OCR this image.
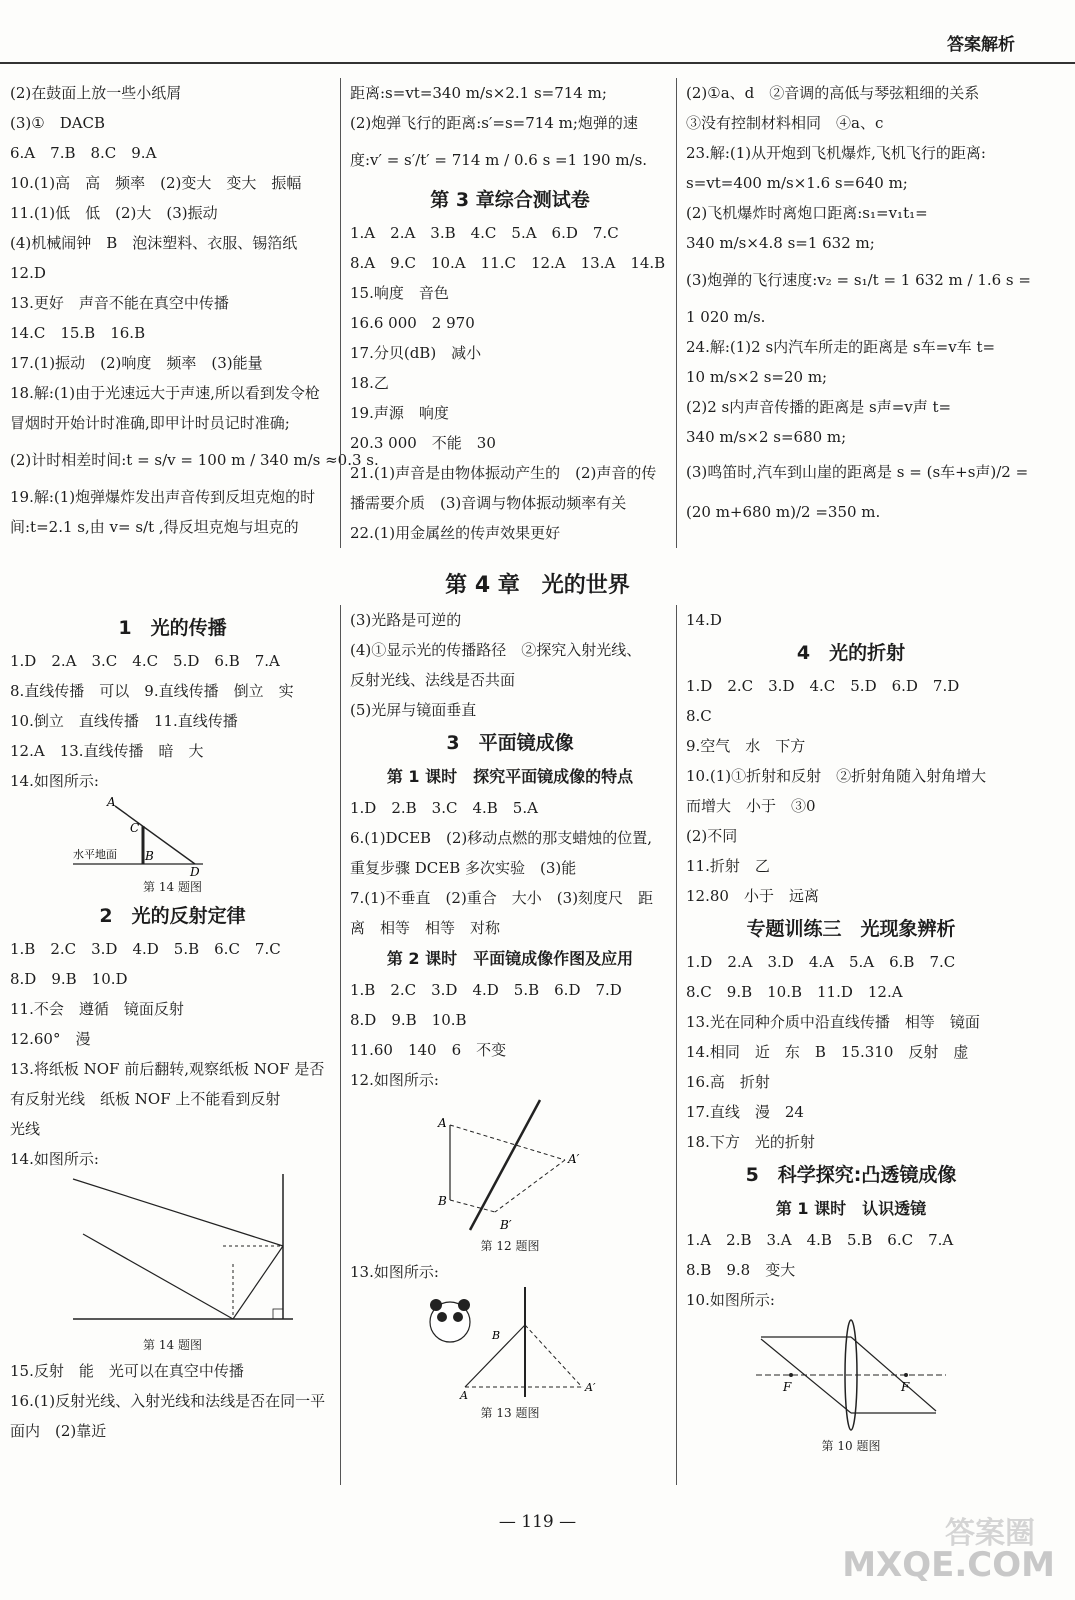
答案解析
(2)在鼓面上放一些小纸屑
(3)①　DACB
6.A　7.B　8.C　9.A
10.(1)高　高　频率　(2)变大　变大　振幅
11.(1)低　低　(2)大　(3)振动
(4)机械闹钟　B　泡沫塑料、衣服、锡箔纸
12.D
13.更好　声音不能在真空中传播
14.C　15.B　16.B
17.(1)振动　(2)响度　频率　(3)能量
18.解:(1)由于光速远大于声速,所以看到发令枪
冒烟时开始计时准确,即甲计时员记时准确;
(2)计时相差时间:t = s/v = 100 m / 340 m/s ≈0.3 s.
19.解:(1)炮弹爆炸发出声音传到反坦克炮的时
间:t=2.1 s,由 v= s/t ,得反坦克炮与坦克的
距离:s=vt=340 m/s×2.1 s=714 m;
(2)炮弹飞行的距离:s′=s=714 m;炮弹的速
度:v′ = s′/t′ = 714 m / 0.6 s =1 190 m/s.
第 3 章综合测试卷
1.A　2.A　3.B　4.C　5.A　6.D　7.C
8.A　9.C　10.A　11.C　12.A　13.A　14.B
15.响度　音色
16.6 000　2 970
17.分贝(dB)　减小
18.乙
19.声源　响度
20.3 000　不能　30
21.(1)声音是由物体振动产生的　(2)声音的传
播需要介质　(3)音调与物体振动频率有关
22.(1)用金属丝的传声效果更好
(2)①a、d　②音调的高低与琴弦粗细的关系
③没有控制材料相同　④a、c
23.解:(1)从开炮到飞机爆炸,飞机飞行的距离:
s=vt=400 m/s×1.6 s=640 m;
(2)飞机爆炸时离炮口距离:s₁=v₁t₁=
340 m/s×4.8 s=1 632 m;
(3)炮弹的飞行速度:v₂ = s₁/t = 1 632 m / 1.6 s =
1 020 m/s.
24.解:(1)2 s内汽车所走的距离是 s车=v车 t=
10 m/s×2 s=20 m;
(2)2 s内声音传播的距离是 s声=v声 t=
340 m/s×2 s=680 m;
(3)鸣笛时,汽车到山崖的距离是 s = (s车+s声)/2 =
(20 m+680 m)/2 =350 m.
第 4 章　光的世界
1　光的传播
1.D　2.A　3.C　4.C　5.D　6.B　7.A
8.直线传播　可以　9.直线传播　倒立　实
10.倒立　直线传播　11.直线传播
12.A　13.直线传播　暗　大
14.如图所示:
A
C
B
D
水平地面
第 14 题图
2　光的反射定律
1.B　2.C　3.D　4.D　5.B　6.C　7.C
8.D　9.B　10.D
11.不会　遵循　镜面反射
12.60°　漫
13.将纸板 NOF 前后翻转,观察纸板 NOF 是否
有反射光线　纸板 NOF 上不能看到反射
光线
14.如图所示:
第 14 题图
15.反射　能　光可以在真空中传播
16.(1)反射光线、入射光线和法线是否在同一平
面内　(2)靠近
(3)光路是可逆的
(4)①显示光的传播路径　②探究入射光线、
反射光线、法线是否共面
(5)光屏与镜面垂直
3　平面镜成像
第 1 课时　探究平面镜成像的特点
1.D　2.B　3.C　4.B　5.A
6.(1)DCEB　(2)移动点燃的那支蜡烛的位置,
重复步骤 DCEB 多次实验　(3)能
7.(1)不垂直　(2)重合　大小　(3)刻度尺　距
离　相等　相等　对称
第 2 课时　平面镜成像作图及应用
1.B　2.C　3.D　4.D　5.B　6.D　7.D
8.D　9.B　10.B
11.60　140　6　不变
12.如图所示:
A
B
A′
B′
第 12 题图
13.如图所示:
A
B
A′
第 13 题图
14.D
4　光的折射
1.D　2.C　3.D　4.C　5.D　6.D　7.D
8.C
9.空气　水　下方
10.(1)①折射和反射　②折射角随入射角增大
而增大　小于　③0
(2)不同
11.折射　乙
12.80　小于　远离
专题训练三　光现象辨析
1.D　2.A　3.D　4.A　5.A　6.B　7.C
8.C　9.B　10.B　11.D　12.A
13.光在同种介质中沿直线传播　相等　镜面
14.相同　近　东　B　15.310　反射　虚
16.高　折射
17.直线　漫　24
18.下方　光的折射
5　科学探究:凸透镜成像
第 1 课时　认识透镜
1.A　2.B　3.A　4.B　5.B　6.C　7.A
8.B　9.8　变大
10.如图所示:
F	F
第 10 题图
— 119 —	答案圈
MXQE.COM
